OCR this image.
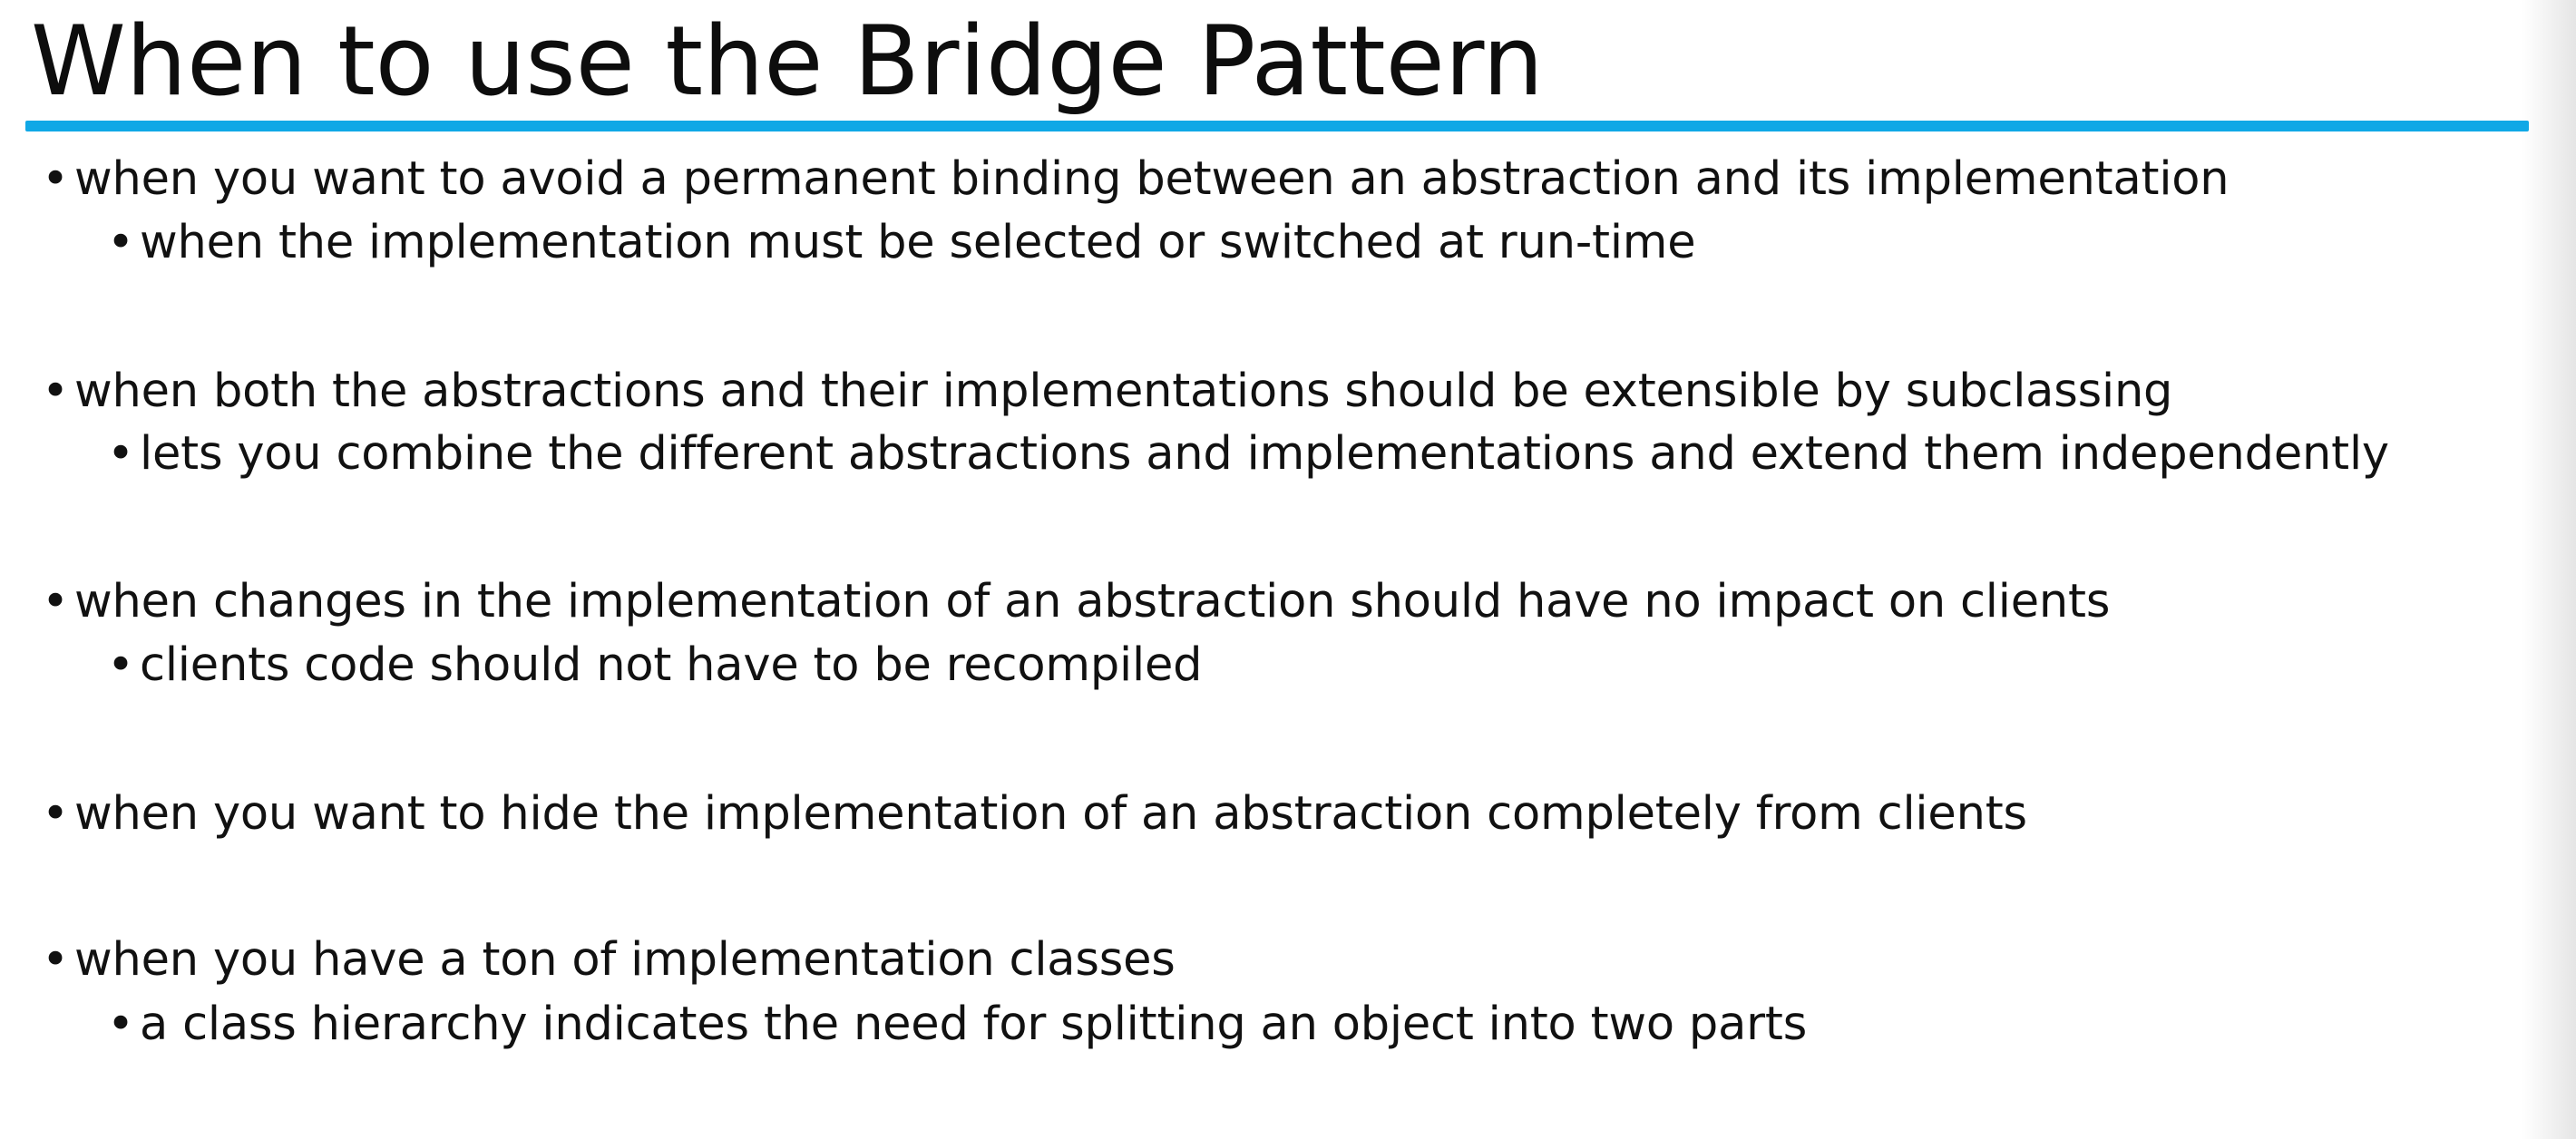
When to use the Bridge Pattern
• when you want to avoid a permanent binding between an abstraction and its implementation
• when the implementation must be selected or switched at run-time
• when both the abstractions and their implementations should be extensible by subclassing
• lets you combine the different abstractions and implementations and extend them independently
• when changes in the implementation of an abstraction should have no impact on clients
• clients code should not have to be recompiled
• when you want to hide the implementation of an abstraction completely from clients
• when you have a ton of implementation classes
• a class hierarchy indicates the need for splitting an object into two parts
